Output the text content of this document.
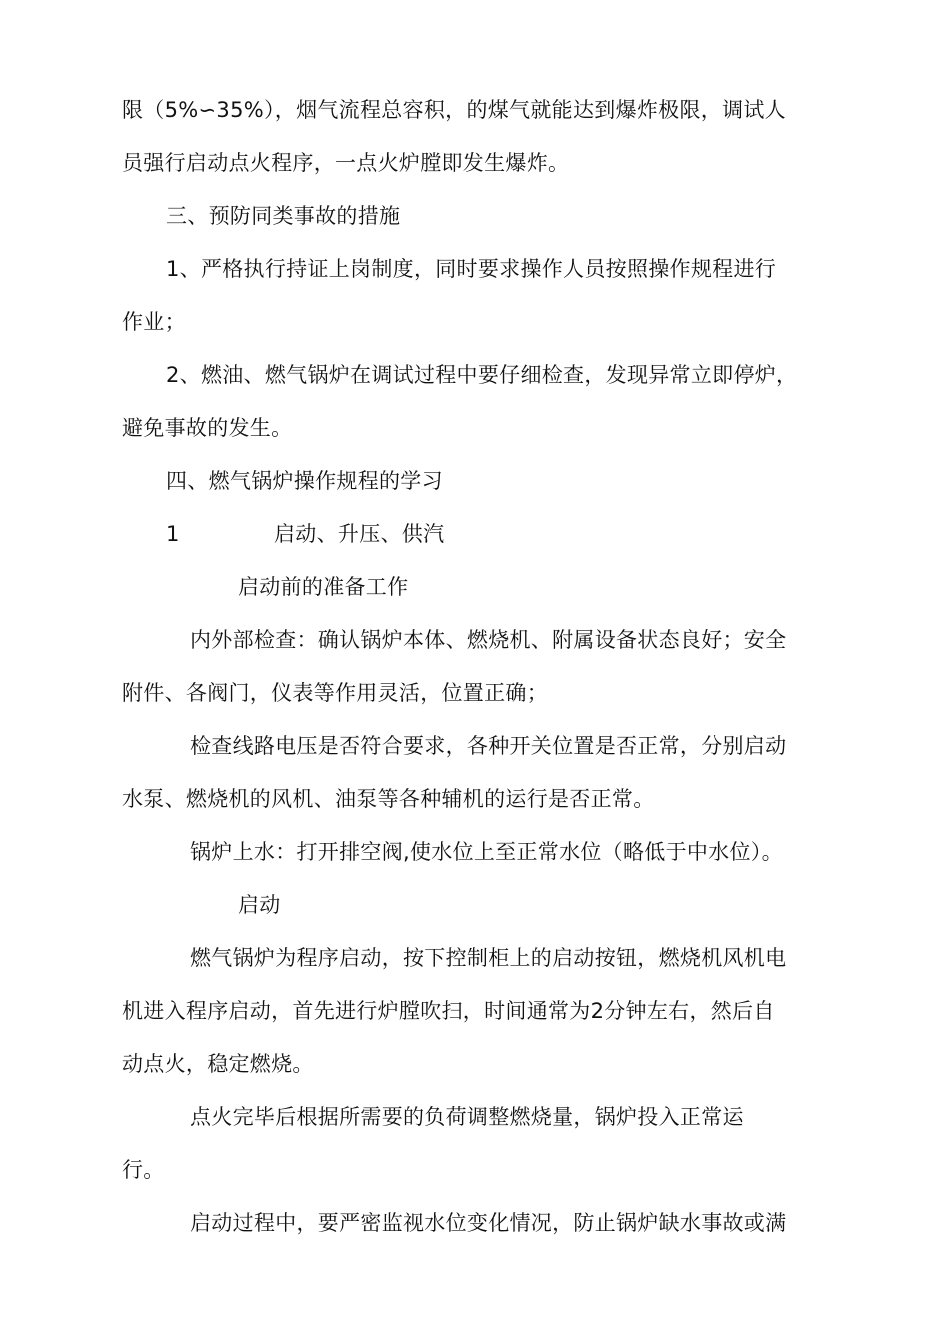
限（5%∽35%），烟气流程总容积，的煤气就能达到爆炸极限，调试人
员强行启动点火程序，一点火炉膛即发生爆炸。
三、预防同类事故的措施
1、严格执行持证上岗制度，同时要求操作人员按照操作规程进行
作业；
2、燃油、燃气锅炉在调试过程中要仔细检查，发现异常立即停炉，
避免事故的发生。
四、燃气锅炉操作规程的学习
1	启动、升压、供汽
启动前的准备工作
内外部检查：确认锅炉本体、燃烧机、附属设备状态良好；安全
附件、各阀门，仪表等作用灵活，位置正确；
检查线路电压是否符合要求，各种开关位置是否正常，分别启动
水泵、燃烧机的风机、油泵等各种辅机的运行是否正常。
锅炉上水：打开排空阀,使水位上至正常水位（略低于中水位）。
启动
燃气锅炉为程序启动，按下控制柜上的启动按钮，燃烧机风机电
机进入程序启动，首先进行炉膛吹扫，时间通常为2分钟左右，然后自
动点火，稳定燃烧。
点火完毕后根据所需要的负荷调整燃烧量，锅炉投入正常运
行。
启动过程中，要严密监视水位变化情况，防止锅炉缺水事故或满
